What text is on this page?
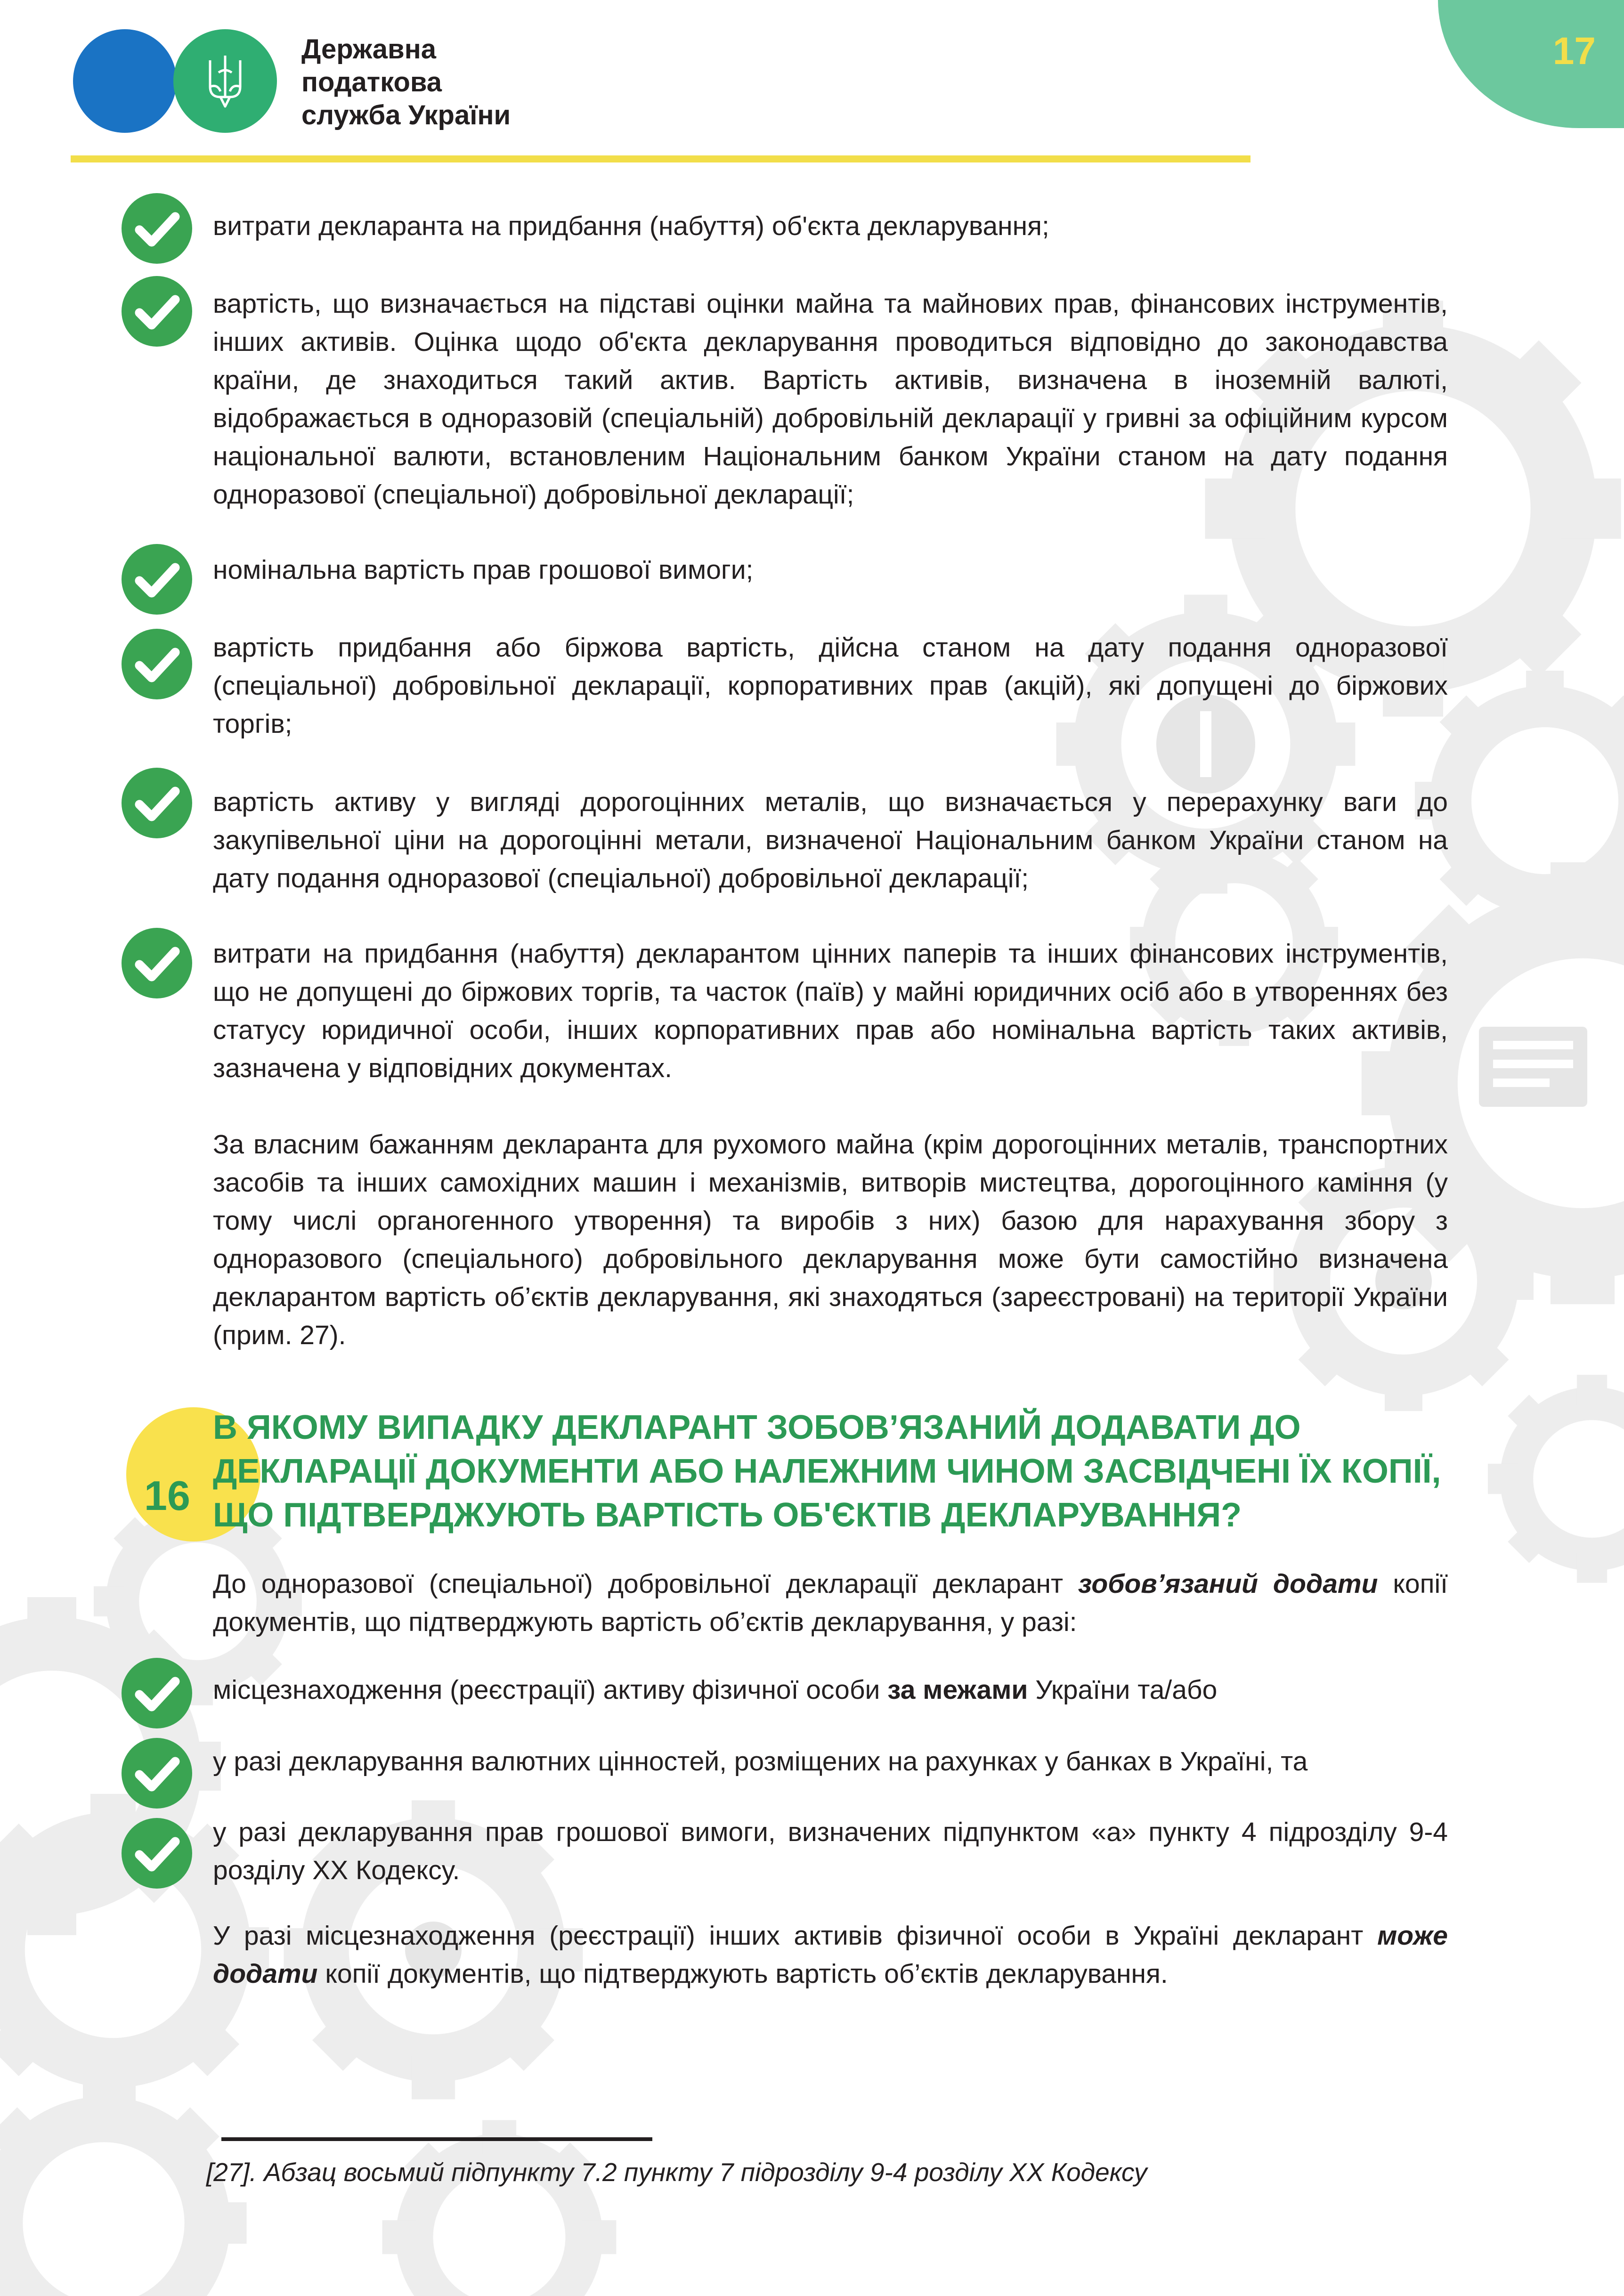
Державна
податкова
служба України
17
витрати декларанта на придбання (набуття) об'єкта декларування;
вартість, що визначається на підставі оцінки майна та майнових прав, фінансових інструментів, інших активів. Оцінка щодо об'єкта декларування проводиться відповідно до законодавства країни, де знаходиться такий актив. Вартість активів, визначена в іноземній валюті, відображається в одноразовій (спеціальній) добровільній декларації у гривні за офіційним курсом національної валюти, встановленим Національним банком України станом на дату подання одноразової (спеціальної) добровільної декларації;
номінальна вартість прав грошової вимоги;
вартість придбання або біржова вартість, дійсна станом на дату подання одноразової (спеціальної) добровільної декларації, корпоративних прав (акцій), які допущені до біржових торгів;
вартість активу у вигляді дорогоцінних металів, що визначається у перерахунку ваги до закупівельної ціни на дорогоцінні метали, визначеної Національним банком України станом на дату подання одноразової (спеціальної) добровільної декларації;
витрати на придбання (набуття) декларантом цінних паперів та інших фінансових інструментів, що не допущені до біржових торгів, та часток (паїв) у майні юридичних осіб або в утвореннях без статусу юридичної особи, інших корпоративних прав або номінальна вартість таких активів, зазначена у відповідних документах.
За власним бажанням декларанта для рухомого майна (крім дорогоцінних металів, транспортних засобів та інших самохідних машин і механізмів, витворів мистецтва, дорогоцінного каміння (у тому числі органогенного утворення) та виробів з них) базою для нарахування збору з одноразового (спеціального) добровільного декларування може бути самостійно визначена декларантом вартість об’єктів декларування, які знаходяться (зареєстровані) на території України (прим. 27).
16
В ЯКОМУ ВИПАДКУ ДЕКЛАРАНТ ЗОБОВ’ЯЗАНИЙ ДОДАВАТИ ДО ДЕКЛАРАЦІЇ ДОКУМЕНТИ АБО НАЛЕЖНИМ ЧИНОМ ЗАСВІДЧЕНІ ЇХ КОПІЇ, ЩО ПІДТВЕРДЖУЮТЬ ВАРТІСТЬ ОБ'ЄКТІВ ДЕКЛАРУВАННЯ?
До одноразової (спеціальної) добровільної декларації декларант зобов’язаний додати копії документів, що підтверджують вартість об’єктів декларування, у разі:
місцезнаходження (реєстрації) активу фізичної особи за межами України та/або
у разі декларування валютних цінностей, розміщених на рахунках у банках в Україні, та
у разі декларування прав грошової вимоги, визначених підпунктом «а» пункту 4 підрозділу 9-4 розділу XX Кодексу.
У разі місцезнаходження (реєстрації) інших активів фізичної особи в Україні декларант може додати копії документів, що підтверджують вартість об’єктів декларування.
[27]. Абзац восьмий підпункту 7.2 пункту 7 підрозділу 9-4 розділу XX Кодексу
